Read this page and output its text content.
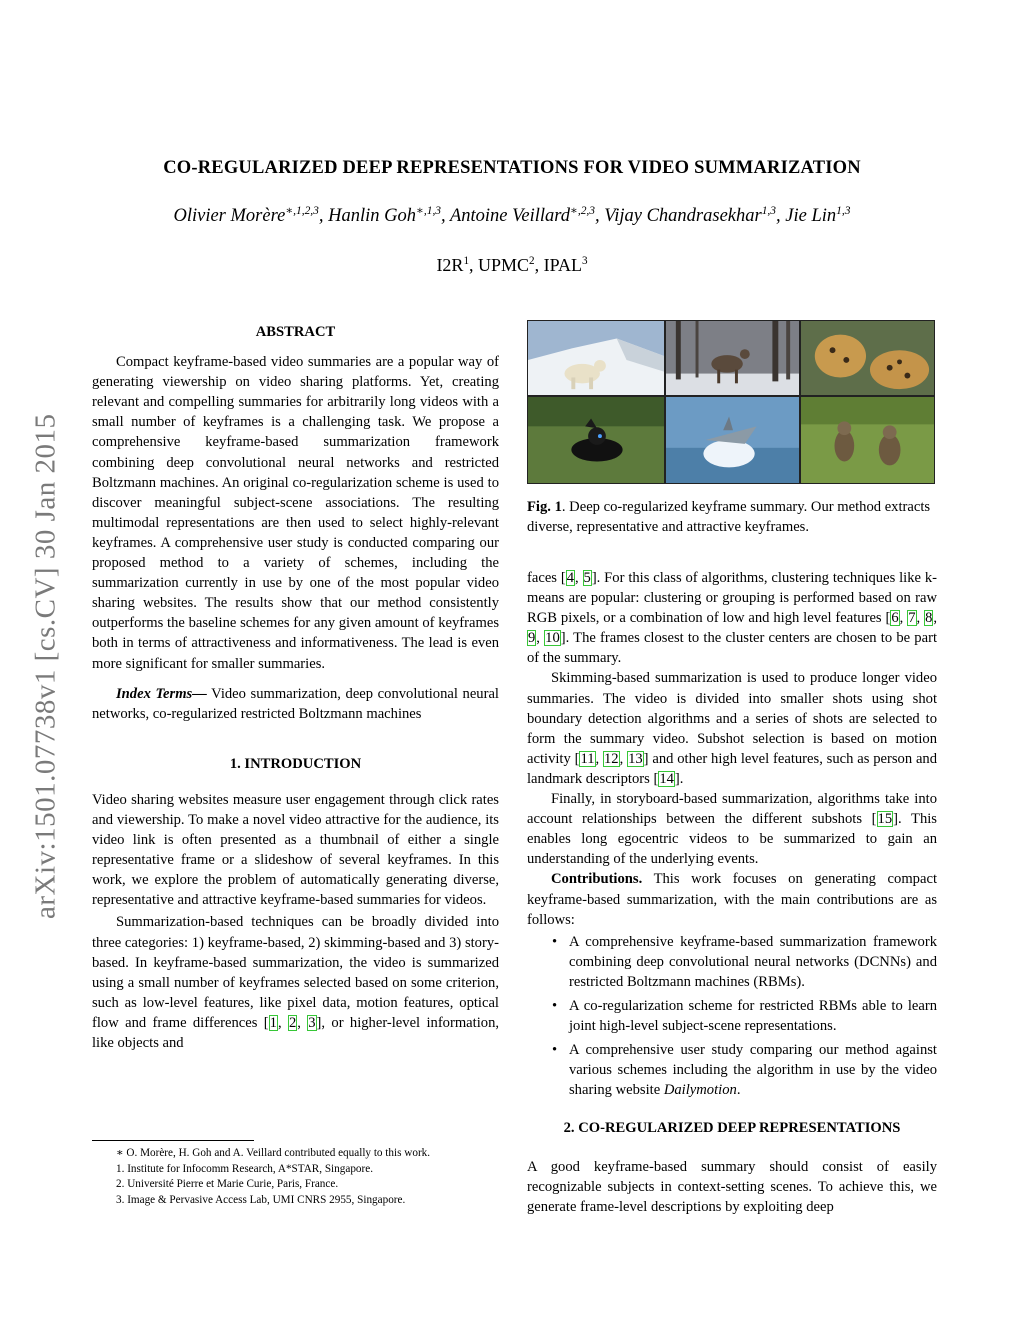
arXiv:1501.07738v1 [cs.CV] 30 Jan 2015
CO-REGULARIZED DEEP REPRESENTATIONS FOR VIDEO SUMMARIZATION
Olivier Morère$^{∗,1,2,3}$, Hanlin Goh$^{∗,1,3}$, Antoine Veillard$^{∗,2,3}$, Vijay Chandrasekhar$^{1,3}$, Jie Lin$^{1,3}$
$I2R^1$, UPMC$^2$, IPAL$^3$
ABSTRACT

Compact keyframe-based video summaries are a popular way of generating viewership on video sharing platforms. Yet, creating relevant and compelling summaries for arbitrarily long videos with a small number of keyframes is a challenging task. We propose a comprehensive keyframe-based summarization framework combining deep convolutional neural networks and restricted Boltzmann machines. An original co-regularization scheme is used to discover meaningful subject-scene associations. The resulting multimodal representations are then used to select highly-relevant keyframes. A comprehensive user study is conducted comparing our proposed method to a variety of schemes, including the summarization currently in use by one of the most popular video sharing websites. The results show that our method consistently outperforms the baseline schemes for any given amount of keyframes both in terms of attractiveness and informativeness. The lead is even more significant for smaller summaries.

Index Terms— Video summarization, deep convolutional neural networks, co-regularized restricted Boltzmann machines

1. INTRODUCTION

Video sharing websites measure user engagement through click rates and viewership. To make a novel video attractive for the audience, its video link is often presented as a thumbnail of either a single representative frame or a slideshow of several keyframes. In this work, we explore the problem of automatically generating diverse, representative and attractive keyframe-based summaries for videos.

Summarization-based techniques can be broadly divided into three categories: 1) keyframe-based, 2) skimming-based and 3) story-based. In keyframe-based summarization, the video is summarized using a small number of keyframes selected based on some criterion, such as low-level features, like pixel data, motion features, optical flow and frame differences [1, 2, 3], or higher-level information, like objects and

∗ O. Morère, H. Goh and A. Veillard contributed equally to this work.
1. Institute for Infocomm Research, A*STAR, Singapore.
2. Université Pierre et Marie Curie, Paris, France.
3. Image & Pervasive Access Lab, UMI CNRS 2955, Singapore.
Fig. 1. Deep co-regularized keyframe summary. Our method extracts diverse, representative and attractive keyframes.

faces [4, 5]. For this class of algorithms, clustering techniques like k-means are popular: clustering or grouping is performed based on raw RGB pixels, or a combination of low and high level features [6, 7, 8, 9, 10]. The frames closest to the cluster centers are chosen to be part of the summary.

Skimming-based summarization is used to produce longer video summaries. The video is divided into smaller shots using shot boundary detection algorithms and a series of shots are selected to form the summary video. Subshot selection is based on motion activity [11, 12, 13] and other high level features, such as person and landmark descriptors [14].

Finally, in storyboard-based summarization, algorithms take into account relationships between the different subshots [15]. This enables long egocentric videos to be summarized to gain an understanding of the underlying events.

Contributions. This work focuses on generating compact keyframe-based summarization, with the main contributions are as follows:

• A comprehensive keyframe-based summarization framework combining deep convolutional neural networks (DCNNs) and restricted Boltzmann machines (RBMs).
• A co-regularization scheme for restricted RBMs able to learn joint high-level subject-scene representations.
• A comprehensive user study comparing our method against various schemes including the algorithm in use by the video sharing website Dailymotion.
2. CO-REGULARIZED DEEP REPRESENTATIONS

A good keyframe-based summary should consist of easily recognizable subjects in context-setting scenes. To achieve this, we generate frame-level descriptions by exploiting deep
